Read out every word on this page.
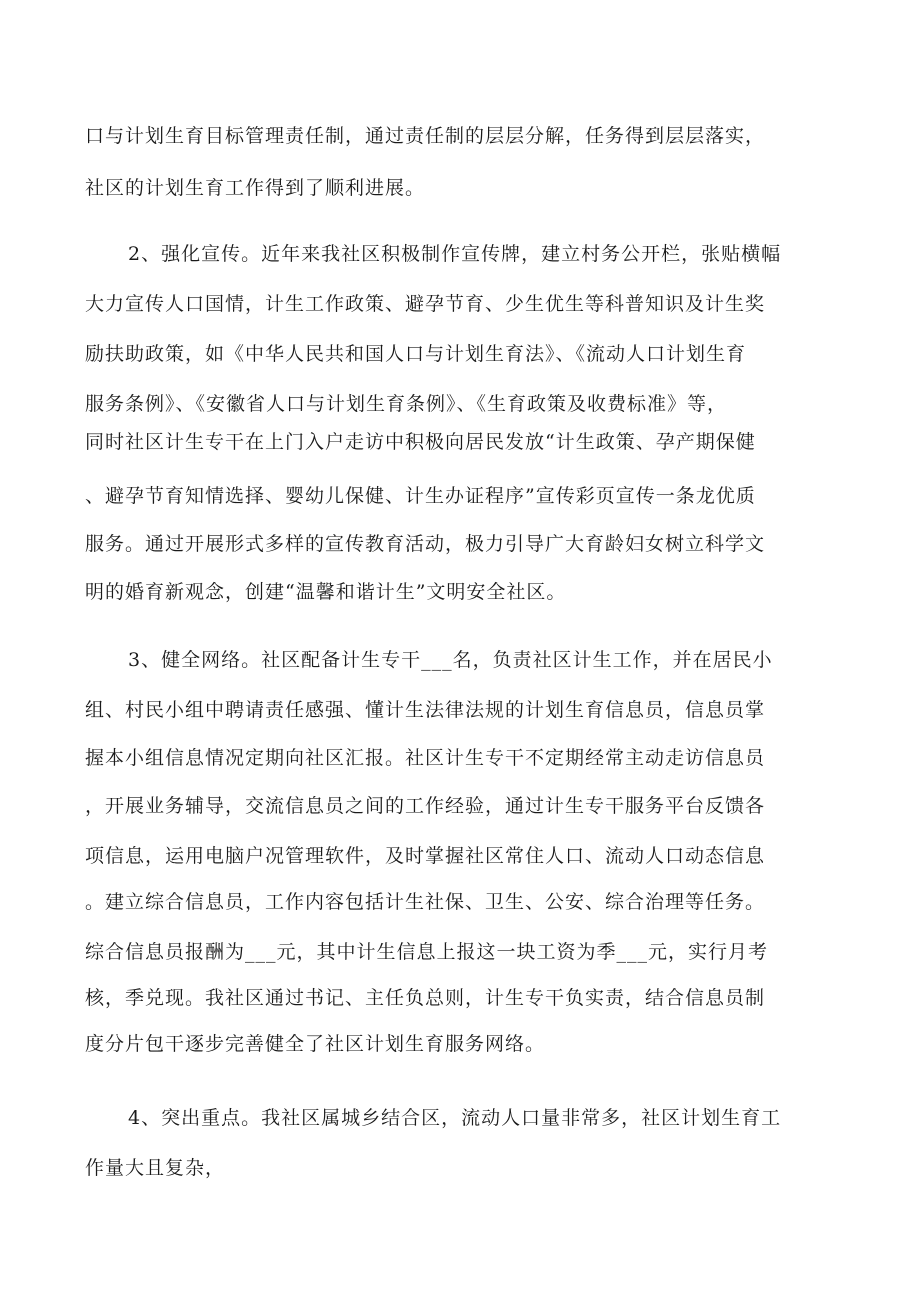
口与计划生育目标管理责任制，通过责任制的层层分解，任务得到层层落实，
社区的计划生育工作得到了顺利进展。
2、强化宣传。近年来我社区积极制作宣传牌，建立村务公开栏，张贴横幅
大力宣传人口国情，计生工作政策、避孕节育、少生优生等科普知识及计生奖
励扶助政策，如《中华人民共和国人口与计划生育法》、《流动人口计划生育
服务条例》、《安徽省人口与计划生育条例》、《生育政策及收费标准》等，
同时社区计生专干在上门入户走访中积极向居民发放“计生政策、孕产期保健
、避孕节育知情选择、婴幼儿保健、计生办证程序”宣传彩页宣传一条龙优质
服务。通过开展形式多样的宣传教育活动，极力引导广大育龄妇女树立科学文
明的婚育新观念，创建“温馨和谐计生”文明安全社区。
3、健全网络。社区配备计生专干___名，负责社区计生工作，并在居民小
组、村民小组中聘请责任感强、懂计生法律法规的计划生育信息员，信息员掌
握本小组信息情况定期向社区汇报。社区计生专干不定期经常主动走访信息员
，开展业务辅导，交流信息员之间的工作经验，通过计生专干服务平台反馈各
项信息，运用电脑户况管理软件，及时掌握社区常住人口、流动人口动态信息
。建立综合信息员，工作内容包括计生社保、卫生、公安、综合治理等任务。
综合信息员报酬为___元，其中计生信息上报这一块工资为季___元，实行月考
核，季兑现。我社区通过书记、主任负总则，计生专干负实责，结合信息员制
度分片包干逐步完善健全了社区计划生育服务网络。
4、突出重点。我社区属城乡结合区，流动人口量非常多，社区计划生育工
作量大且复杂，
